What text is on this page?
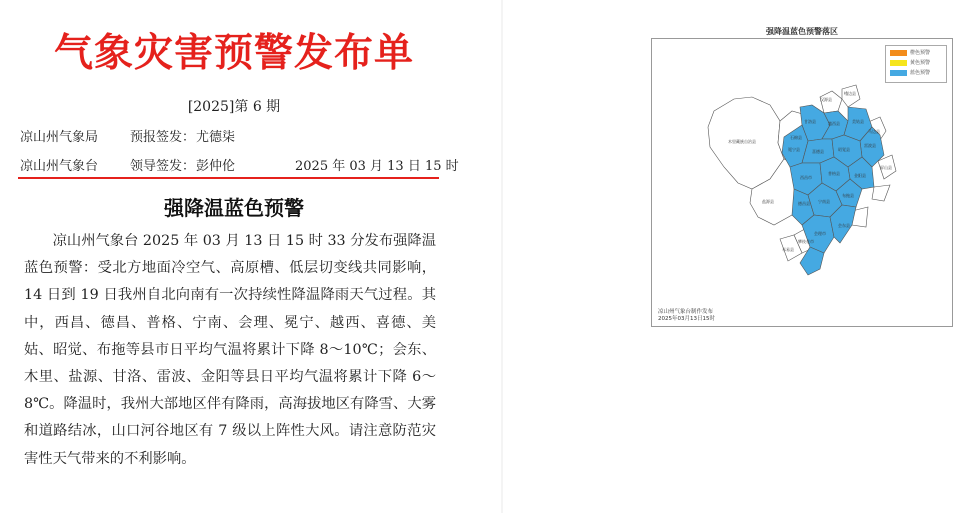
气象灾害预警发布单
[2025]第 6 期
凉山州气象局 预报签发： 尤德柒
凉山州气象台 领导签发： 彭仲伦	2025 年 03 月 13 日 15 时
强降温蓝色预警
凉山州气象台 2025 年 03 月 13 日 15 时 33 分发布强降温蓝色预警：受北方地面冷空气、高原槽、低层切变线共同影响，14 日到 19 日我州自北向南有一次持续性降温降雨天气过程。其中，西昌、德昌、普格、宁南、会理、冕宁、越西、喜德、美姑、昭觉、布拖等县市日平均气温将累计下降 8～10℃；会东、木里、盐源、甘洛、雷波、金阳等县日平均气温将累计下降 6～8℃。降温时，我州大部地区伴有降雨，高海拔地区有降雪、大雾和道路结冰，山口河谷地区有 7 级以上阵性大风。请注意防范灾害性天气带来的不利影响。
强降温蓝色预警落区
甘洛县	越西县	美姑县
雷波县
冕宁县	喜德县	昭觉县
金阳县
西昌市
普格县
布拖县
德昌县 宁南县
会理市
会东县
木里藏族自治县
盐源县
石棉县
汉源县
峨边县
马边县
屏山县
米易县
攀枝花市
橙色预警
黄色预警
蓝色预警
凉山州气象台制作发布
2025年03月13日15时
